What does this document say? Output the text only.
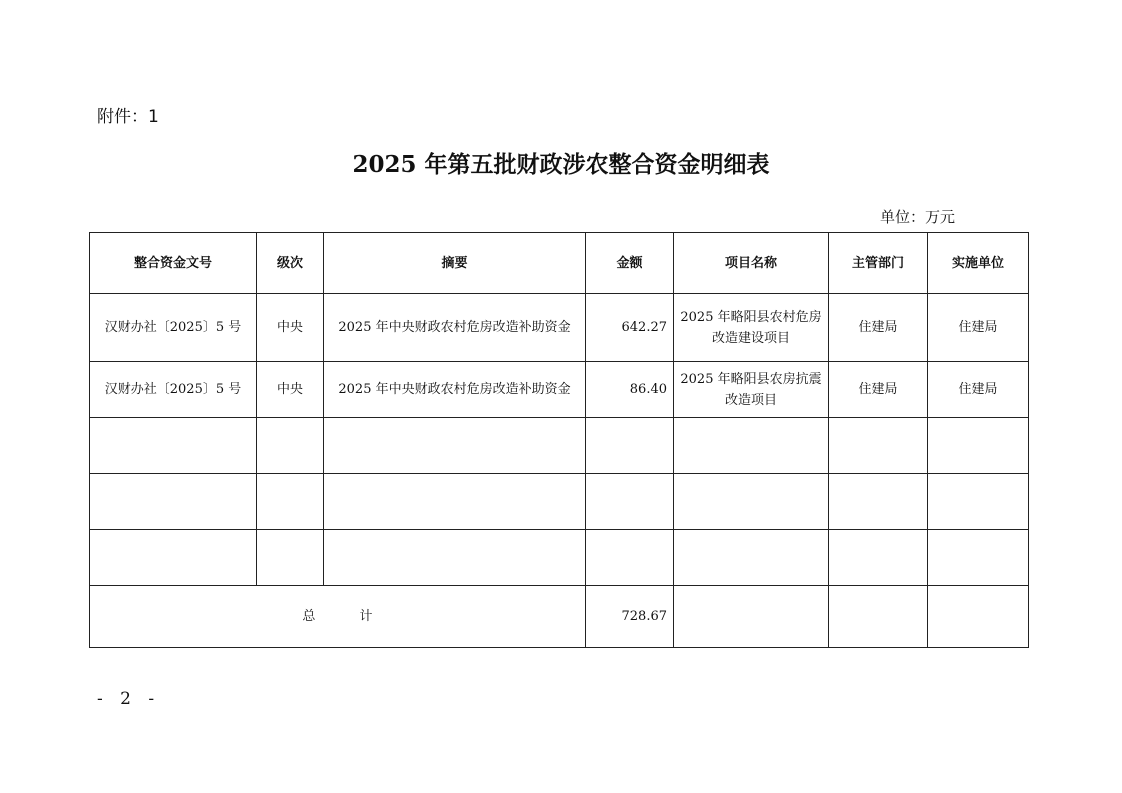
附件：1
2025 年第五批财政涉农整合资金明细表
单位：万元
整合资金文号	级次	摘要	金额	项目名称	主管部门	实施单位
汉财办社〔2025〕5 号	中央	2025 年中央财政农村危房改造补助资金	642.27	2025 年略阳县农村危房
改造建设项目	住建局	住建局
汉财办社〔2025〕5 号	中央	2025 年中央财政农村危房改造补助资金	86.40	2025 年略阳县农房抗震
改造项目	住建局	住建局

总 计			728.67			
- 2 -
